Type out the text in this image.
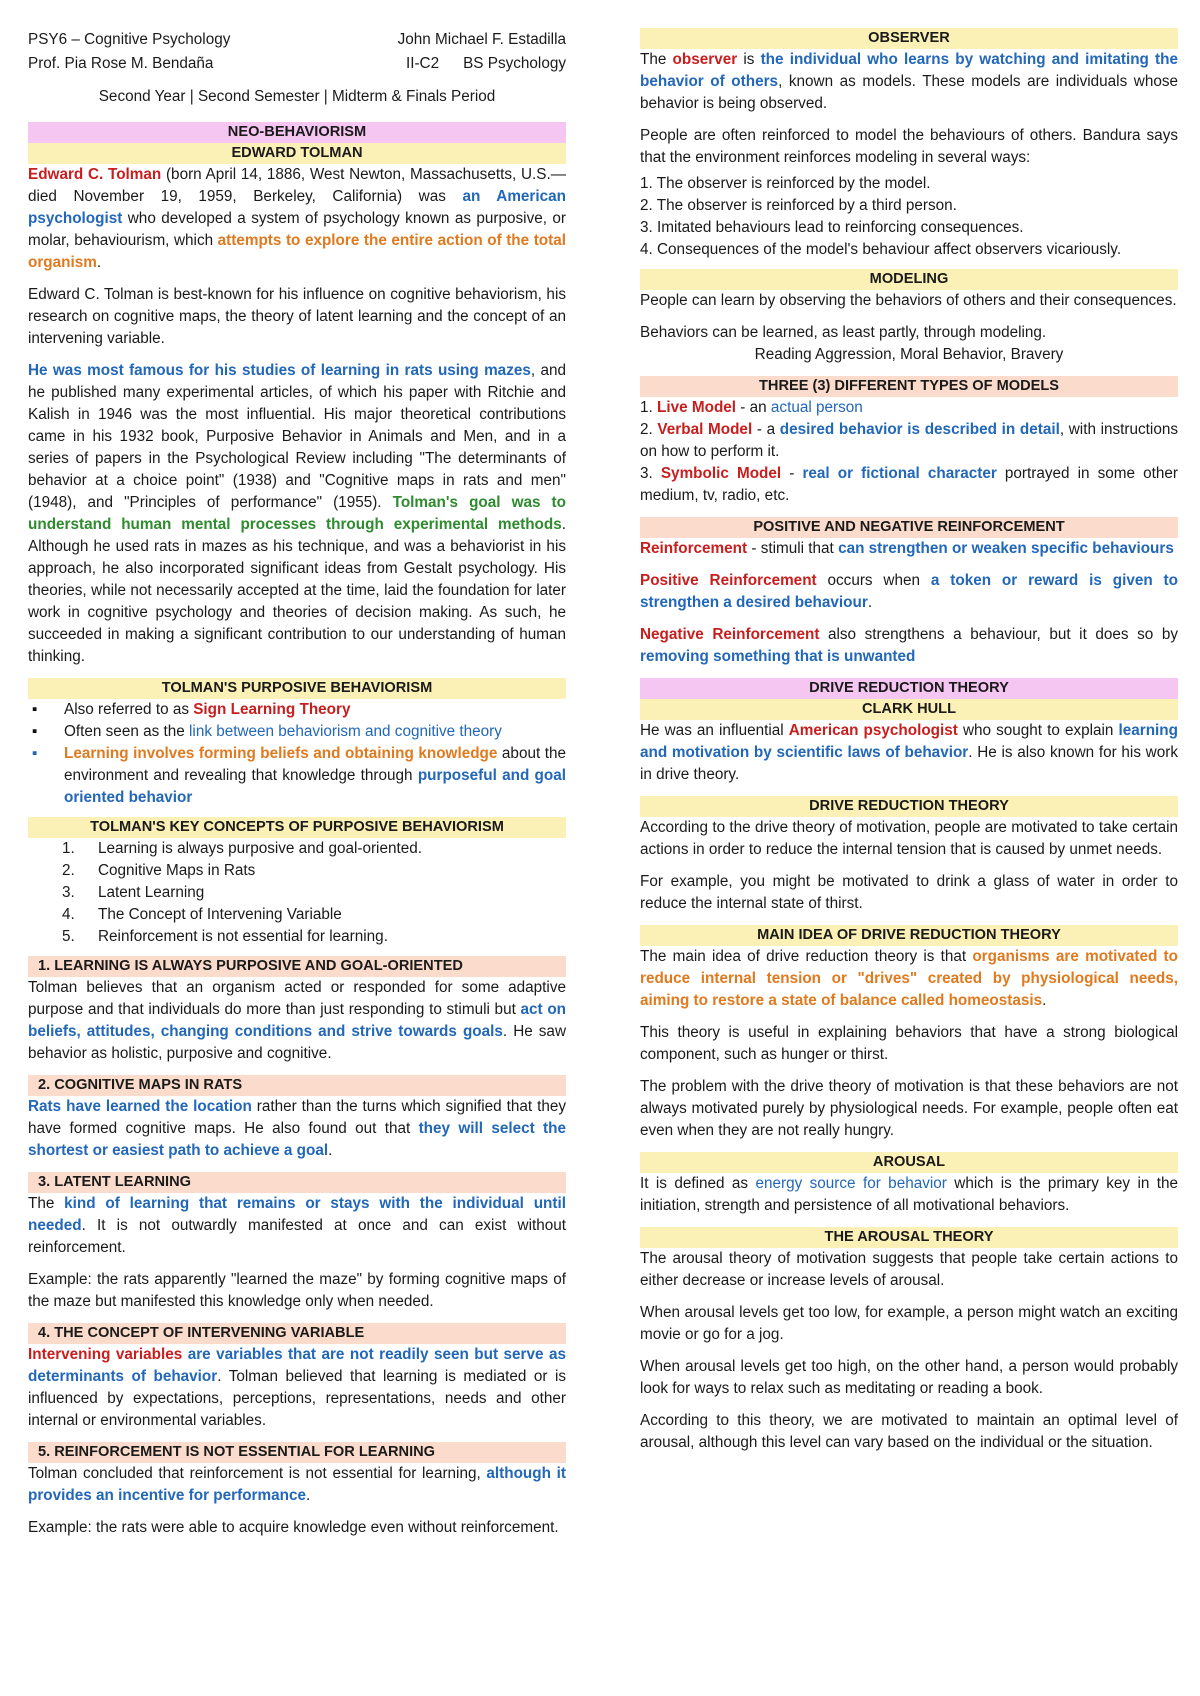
PSY6 – Cognitive Psychology	John Michael F. Estadilla
Prof. Pia Rose M. Bendaña	II-C2 BS Psychology
Second Year | Second Semester | Midterm & Finals Period
NEO-BEHAVIORISM
EDWARD TOLMAN

Edward C. Tolman (born April 14, 1886, West Newton, Massachusetts, U.S.— died November 19, 1959, Berkeley, California) was an American psychologist who developed a system of psychology known as purposive, or molar, behaviourism, which attempts to explore the entire action of the total organism.

Edward C. Tolman is best-known for his influence on cognitive behaviorism, his research on cognitive maps, the theory of latent learning and the concept of an intervening variable.

He was most famous for his studies of learning in rats using mazes, and he published many experimental articles, of which his paper with Ritchie and Kalish in 1946 was the most influential. His major theoretical contributions came in his 1932 book, Purposive Behavior in Animals and Men, and in a series of papers in the Psychological Review including "The determinants of behavior at a choice point" (1938) and "Cognitive maps in rats and men" (1948), and "Principles of performance" (1955). Tolman's goal was to understand human mental processes through experimental methods. Although he used rats in mazes as his technique, and was a behaviorist in his approach, he also incorporated significant ideas from Gestalt psychology. His theories, while not necessarily accepted at the time, laid the foundation for later work in cognitive psychology and theories of decision making. As such, he succeeded in making a significant contribution to our understanding of human thinking.

TOLMAN'S PURPOSIVE BEHAVIORISM
▪ Also referred to as Sign Learning Theory
▪ Often seen as the link between behaviorism and cognitive theory
▪ Learning involves forming beliefs and obtaining knowledge about the environment and revealing that knowledge through purposeful and goal oriented behavior
TOLMAN'S KEY CONCEPTS OF PURPOSIVE BEHAVIORISM
1. Learning is always purposive and goal-oriented.
2. Cognitive Maps in Rats
3. Latent Learning
4. The Concept of Intervening Variable
5. Reinforcement is not essential for learning.
1. LEARNING IS ALWAYS PURPOSIVE AND GOAL-ORIENTED

Tolman believes that an organism acted or responded for some adaptive purpose and that individuals do more than just responding to stimuli but act on beliefs, attitudes, changing conditions and strive towards goals. He saw behavior as holistic, purposive and cognitive.

2. COGNITIVE MAPS IN RATS

Rats have learned the location rather than the turns which signified that they have formed cognitive maps. He also found out that they will select the shortest or easiest path to achieve a goal.

3. LATENT LEARNING

The kind of learning that remains or stays with the individual until needed. It is not outwardly manifested at once and can exist without reinforcement.

Example: the rats apparently "learned the maze" by forming cognitive maps of the maze but manifested this knowledge only when needed.

4. THE CONCEPT OF INTERVENING VARIABLE

Intervening variables are variables that are not readily seen but serve as determinants of behavior. Tolman believed that learning is mediated or is influenced by expectations, perceptions, representations, needs and other internal or environmental variables.

5. REINFORCEMENT IS NOT ESSENTIAL FOR LEARNING

Tolman concluded that reinforcement is not essential for learning, although it provides an incentive for performance.

Example: the rats were able to acquire knowledge even without reinforcement.

OBSERVER

The observer is the individual who learns by watching and imitating the behavior of others, known as models. These models are individuals whose behavior is being observed.

People are often reinforced to model the behaviours of others. Bandura says that the environment reinforces modeling in several ways:

1. The observer is reinforced by the model.
2. The observer is reinforced by a third person.
3. Imitated behaviours lead to reinforcing consequences.
4. Consequences of the model's behaviour affect observers vicariously.
MODELING

People can learn by observing the behaviors of others and their consequences.

Behaviors can be learned, as least partly, through modeling.

Reading Aggression, Moral Behavior, Bravery

THREE (3) DIFFERENT TYPES OF MODELS

1. Live Model - an actual person

2. Verbal Model - a desired behavior is described in detail, with instructions on how to perform it.

3. Symbolic Model - real or fictional character portrayed in some other medium, tv, radio, etc.

POSITIVE AND NEGATIVE REINFORCEMENT

Reinforcement - stimuli that can strengthen or weaken specific behaviours

Positive Reinforcement occurs when a token or reward is given to strengthen a desired behaviour.

Negative Reinforcement also strengthens a behaviour, but it does so by removing something that is unwanted

DRIVE REDUCTION THEORY
CLARK HULL

He was an influential American psychologist who sought to explain learning and motivation by scientific laws of behavior. He is also known for his work in drive theory.

DRIVE REDUCTION THEORY

According to the drive theory of motivation, people are motivated to take certain actions in order to reduce the internal tension that is caused by unmet needs.

For example, you might be motivated to drink a glass of water in order to reduce the internal state of thirst.

MAIN IDEA OF DRIVE REDUCTION THEORY

The main idea of drive reduction theory is that organisms are motivated to reduce internal tension or "drives" created by physiological needs, aiming to restore a state of balance called homeostasis.

This theory is useful in explaining behaviors that have a strong biological component, such as hunger or thirst.

The problem with the drive theory of motivation is that these behaviors are not always motivated purely by physiological needs. For example, people often eat even when they are not really hungry.

AROUSAL

It is defined as energy source for behavior which is the primary key in the initiation, strength and persistence of all motivational behaviors.

THE AROUSAL THEORY

The arousal theory of motivation suggests that people take certain actions to either decrease or increase levels of arousal.

When arousal levels get too low, for example, a person might watch an exciting movie or go for a jog.

When arousal levels get too high, on the other hand, a person would probably look for ways to relax such as meditating or reading a book.

According to this theory, we are motivated to maintain an optimal level of arousal, although this level can vary based on the individual or the situation.
